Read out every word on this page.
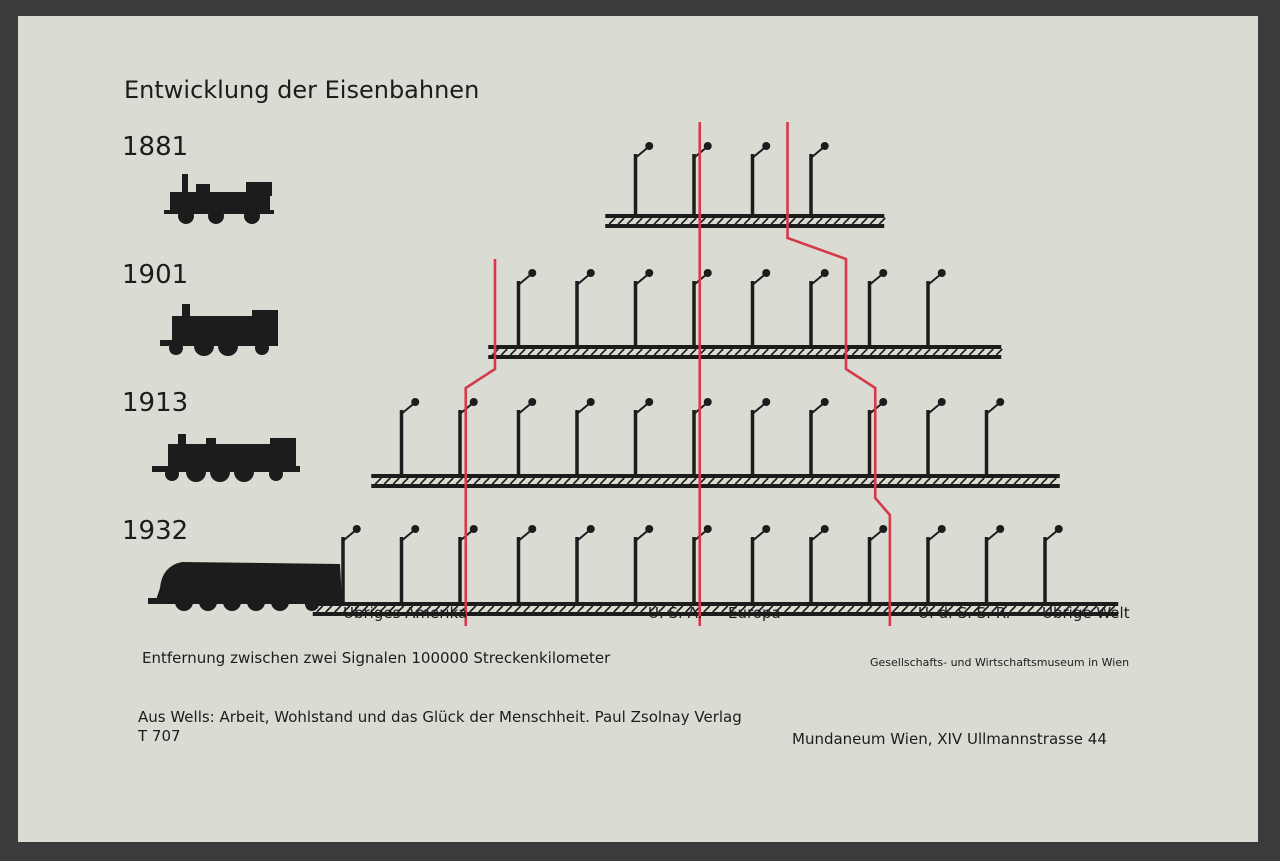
Entwicklung der Eisenbahnen
1881
1901
1913
1932
Übriges Amerika	U. S. A. Europa	U. d. S. S. R. Übrige Welt
Entfernung zwischen zwei Signalen 100000 Streckenkilometer	Gesellschafts- und Wirtschaftsmuseum in Wien
Aus Wells: Arbeit, Wohlstand und das Glück der Menschheit. Paul Zsolnay Verlag
T 707	Mundaneum Wien, XIV Ullmannstrasse 44
